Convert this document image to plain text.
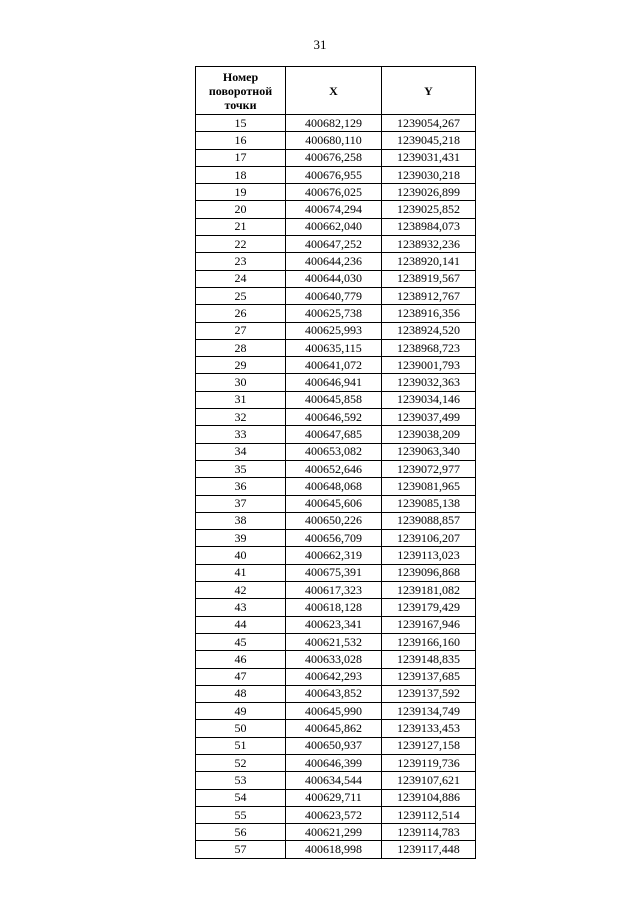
31
Номер поворотной точки	X	Y
15	400682,129	1239054,267
16	400680,110	1239045,218
17	400676,258	1239031,431
18	400676,955	1239030,218
19	400676,025	1239026,899
20	400674,294	1239025,852
21	400662,040	1238984,073
22	400647,252	1238932,236
23	400644,236	1238920,141
24	400644,030	1238919,567
25	400640,779	1238912,767
26	400625,738	1238916,356
27	400625,993	1238924,520
28	400635,115	1238968,723
29	400641,072	1239001,793
30	400646,941	1239032,363
31	400645,858	1239034,146
32	400646,592	1239037,499
33	400647,685	1239038,209
34	400653,082	1239063,340
35	400652,646	1239072,977
36	400648,068	1239081,965
37	400645,606	1239085,138
38	400650,226	1239088,857
39	400656,709	1239106,207
40	400662,319	1239113,023
41	400675,391	1239096,868
42	400617,323	1239181,082
43	400618,128	1239179,429
44	400623,341	1239167,946
45	400621,532	1239166,160
46	400633,028	1239148,835
47	400642,293	1239137,685
48	400643,852	1239137,592
49	400645,990	1239134,749
50	400645,862	1239133,453
51	400650,937	1239127,158
52	400646,399	1239119,736
53	400634,544	1239107,621
54	400629,711	1239104,886
55	400623,572	1239112,514
56	400621,299	1239114,783
57	400618,998	1239117,448
